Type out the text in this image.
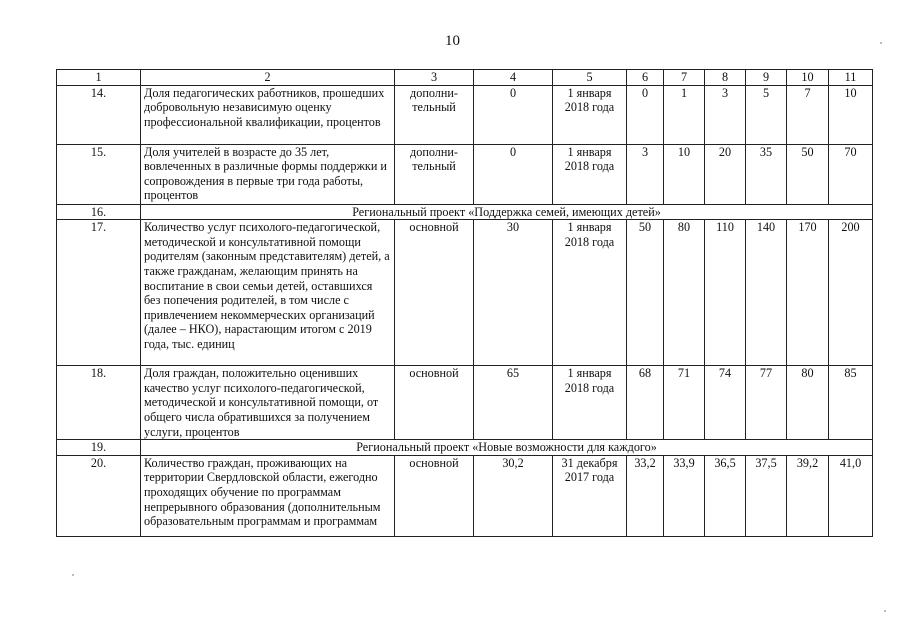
10
1	2	3	4	5	6	7	8	9	10	11
14.	Доля педагогических работников, прошедших добровольную независимую оценку профессиональной квалификации, процентов	дополни-тельный	0	1 января 2018 года	0	1	3	5	7	10
15.	Доля учителей в возрасте до 35 лет, вовлеченных в различные формы поддержки и сопровождения в первые три года работы, процентов	дополни-тельный	0	1 января 2018 года	3	10	20	35	50	70
16.	Региональный проект «Поддержка семей, имеющих детей»									
17.	Количество услуг психолого-педагогической, методической и консультативной помощи родителям (законным представителям) детей, а также гражданам, желающим принять на воспитание в свои семьи детей, оставшихся без попечения родителей, в том числе с привлечением некоммерческих организаций (далее – НКО), нарастающим итогом с 2019 года, тыс. единиц	основной	30	1 января 2018 года	50	80	110	140	170	200
18.	Доля граждан, положительно оценивших качество услуг психолого-педагогической, методической и консультативной помощи, от общего числа обратившихся за получением услуги, процентов	основной	65	1 января 2018 года	68	71	74	77	80	85
19.	Региональный проект «Новые возможности для каждого»									
20.	Количество граждан, проживающих на территории Свердловской области, ежегодно проходящих обучение по программам непрерывного образования (дополнительным образовательным программам и программам	основной	30,2	31 декабря 2017 года	33,2	33,9	36,5	37,5	39,2	41,0
